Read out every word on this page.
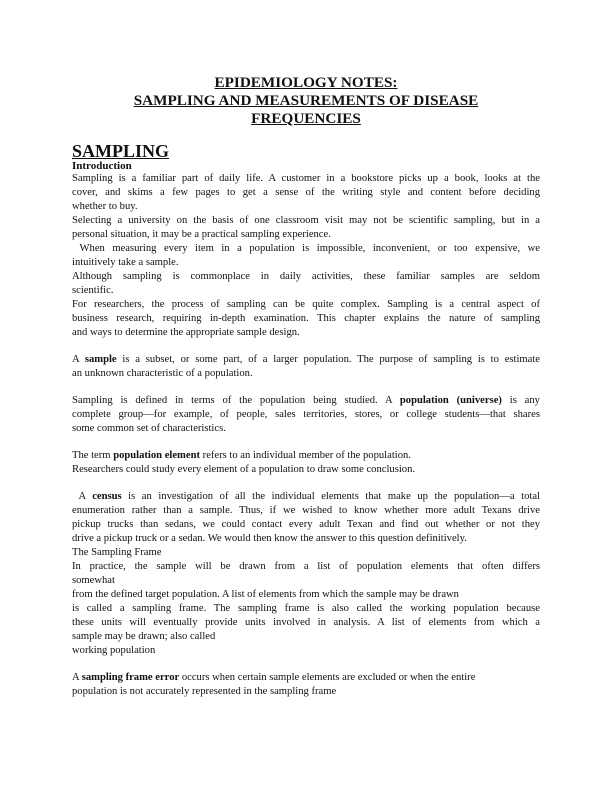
EPIDEMIOLOGY NOTES:
SAMPLING AND MEASUREMENTS OF DISEASE
FREQUENCIES
SAMPLING
Introduction
Sampling is a familiar part of daily life. A customer in a bookstore picks up a book, looks at the
cover, and skims a few pages to get a sense of the writing style and content before deciding
whether to buy.
Selecting a university on the basis of one classroom visit may not be scientific sampling, but in a
personal situation, it may be a practical sampling experience.
When measuring every item in a population is impossible, inconvenient, or too expensive, we
intuitively take a sample.
Although sampling is commonplace in daily activities, these familiar samples are seldom
scientific.
For researchers, the process of sampling can be quite complex. Sampling is a central aspect of
business research, requiring in-depth examination. This chapter explains the nature of sampling
and ways to determine the appropriate sample design.
A sample is a subset, or some part, of a larger population. The purpose of sampling is to estimate
an unknown characteristic of a population.
Sampling is defined in terms of the population being studied. A population (universe) is any
complete group—for example, of people, sales territories, stores, or college students—that shares
some common set of characteristics.
The term population element refers to an individual member of the population.
Researchers could study every element of a population to draw some conclusion.
A census is an investigation of all the individual elements that make up the population—a total
enumeration rather than a sample. Thus, if we wished to know whether more adult Texans drive
pickup trucks than sedans, we could contact every adult Texan and find out whether or not they
drive a pickup truck or a sedan. We would then know the answer to this question definitively.
The Sampling Frame
In practice, the sample will be drawn from a list of population elements that often differs
somewhat
from the defined target population. A list of elements from which the sample may be drawn
is called a sampling frame. The sampling frame is also called the working population because
these units will eventually provide units involved in analysis. A list of elements from which a
sample may be drawn; also called
working population
A sampling frame error occurs when certain sample elements are excluded or when the entire
population is not accurately represented in the sampling frame
